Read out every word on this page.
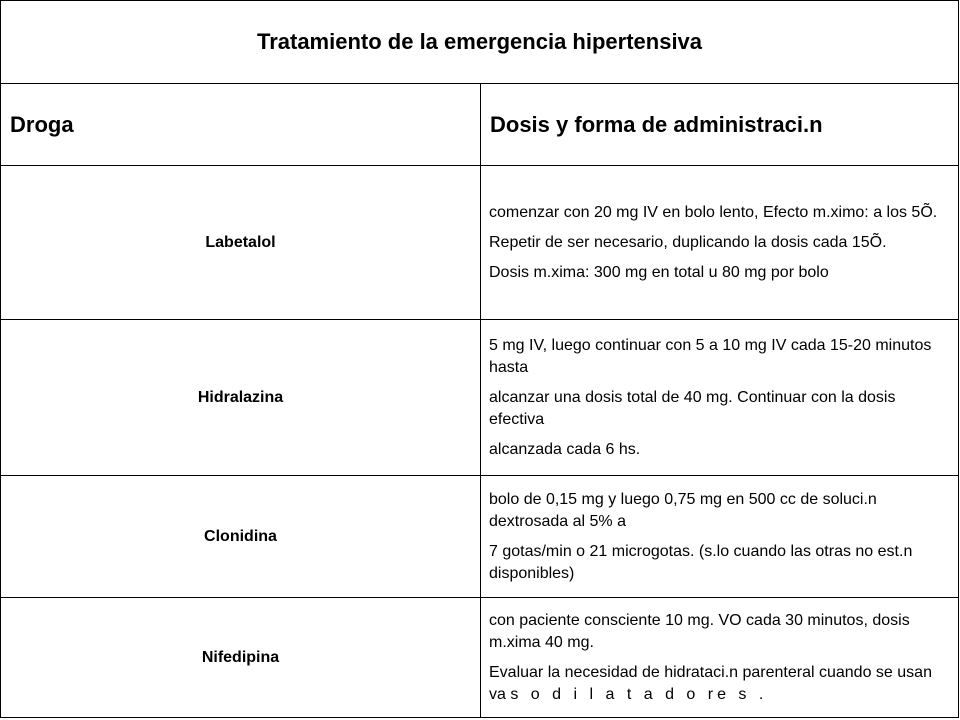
Tratamiento de la emergencia hipertensiva	
Droga	Dosis y forma de administraci.n
Labetalol	comenzar con 20 mg IV en bolo lento, Efecto m.ximo: a los 5Õ.

Repetir de ser necesario, duplicando la dosis cada 15Õ.

Dosis m.xima: 300 mg en total u 80 mg por bolo

Hidralazina	5 mg IV, luego continuar con 5 a 10 mg IV cada 15-20 minutos hasta

alcanzar una dosis total de 40 mg. Continuar con la dosis efectiva

alcanzada cada 6 hs.

Clonidina	bolo de 0,15 mg y luego 0,75 mg en 500 cc de soluci.n dextrosada al 5% a

7 gotas/min o 21 microgotas. (s.lo cuando las otras no est.n disponibles)

Nifedipina	con paciente consciente 10 mg. VO cada 30 minutos, dosis m.xima 40 mg.

Evaluar la necesidad de hidrataci.n parenteral cuando se usan va s o d i l a t a d o re s .
